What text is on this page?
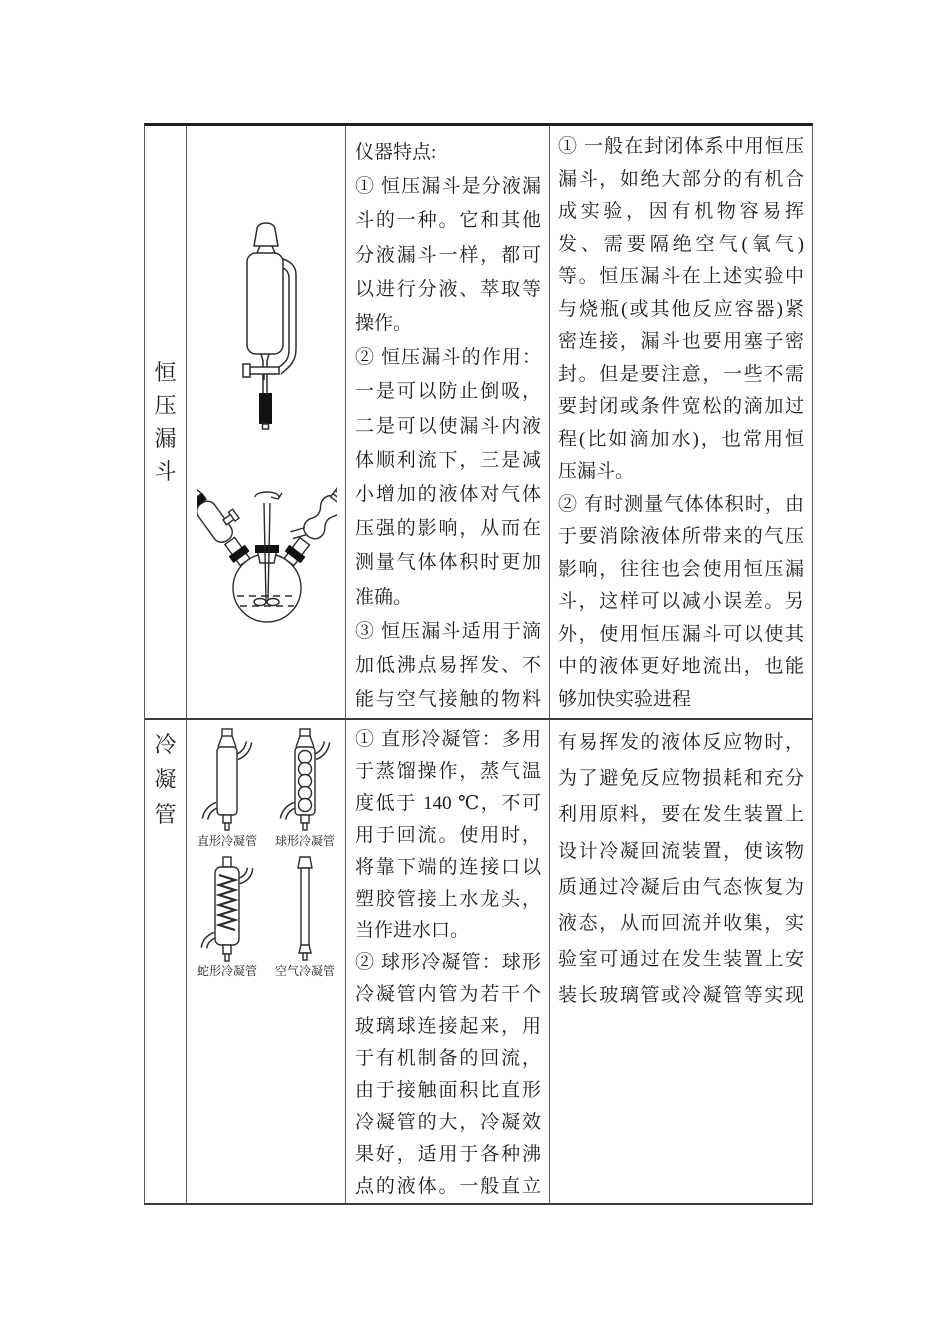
恒
压
漏
斗
仪器特点:
① 恒压漏斗是分液漏
斗的一种。它和其他
分液漏斗一样，都可
以进行分液、萃取等
操作。
② 恒压漏斗的作用：
一是可以防止倒吸，
二是可以使漏斗内液
体顺利流下，三是减
小增加的液体对气体
压强的影响，从而在
测量气体体积时更加
准确。
③ 恒压漏斗适用于滴
加低沸点易挥发、不
能与空气接触的物料
① 一般在封闭体系中用恒压
漏斗，如绝大部分的有机合
成实验，因有机物容易挥
发、需要隔绝空气(氧气)
等。恒压漏斗在上述实验中
与烧瓶(或其他反应容器)紧
密连接，漏斗也要用塞子密
封。但是要注意，一些不需
要封闭或条件宽松的滴加过
程(比如滴加水)，也常用恒
压漏斗。
② 有时测量气体体积时，由
于要消除液体所带来的气压
影响，往往也会使用恒压漏
斗，这样可以减小误差。另
外，使用恒压漏斗可以使其
中的液体更好地流出，也能
够加快实验进程
冷
凝
管
直形冷凝管 球形冷凝管
蛇形冷凝管 空气冷凝管
① 直形冷凝管：多用
于蒸馏操作，蒸气温
度低于 140 ℃，不可
用于回流。使用时，
将靠下端的连接口以
塑胶管接上水龙头，
当作进水口。
② 球形冷凝管：球形
冷凝管内管为若干个
玻璃球连接起来，用
于有机制备的回流，
由于接触面积比直形
冷凝管的大，冷凝效
果好，适用于各种沸
点的液体。一般直立
有易挥发的液体反应物时，
为了避免反应物损耗和充分
利用原料，要在发生装置上
设计冷凝回流装置，使该物
质通过冷凝后由气态恢复为
液态，从而回流并收集，实
验室可通过在发生装置上安
装长玻璃管或冷凝管等实现
